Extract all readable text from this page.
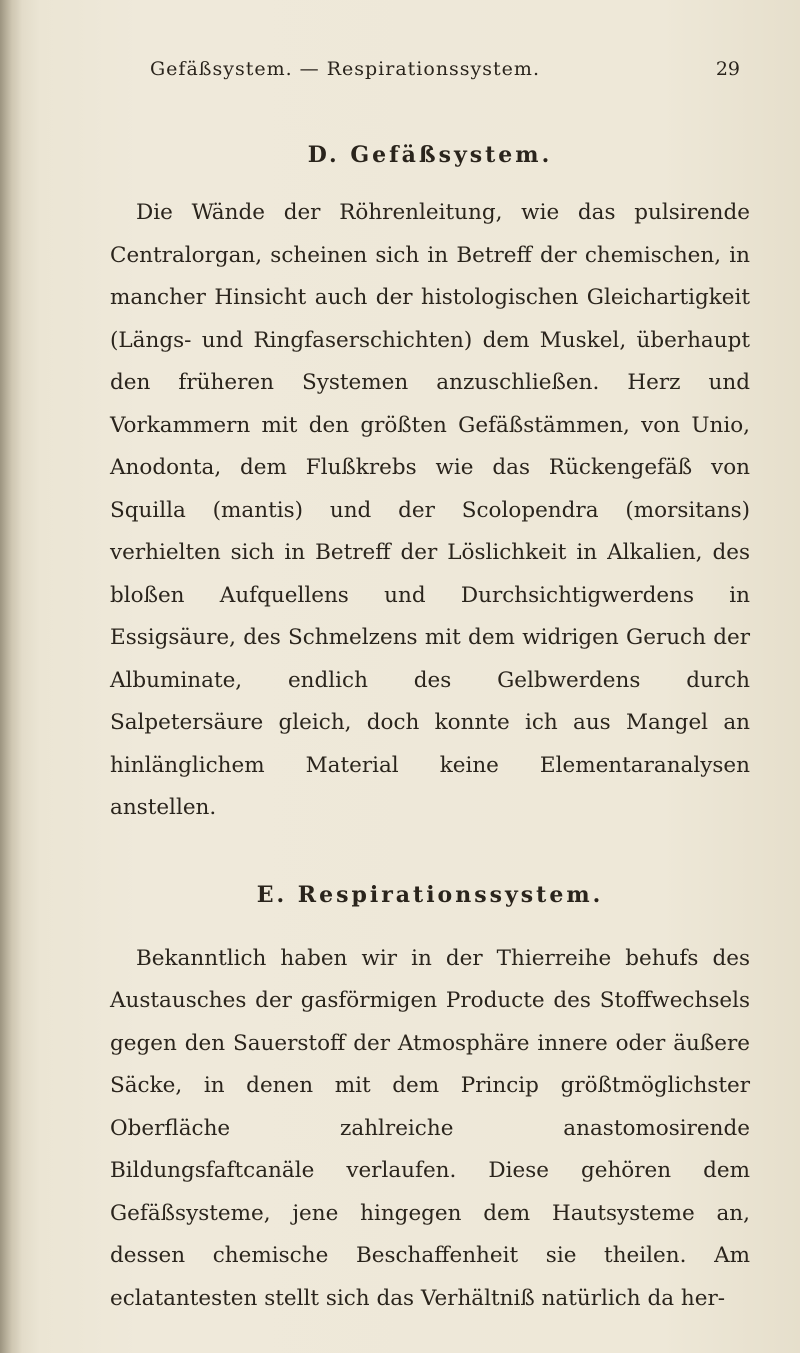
Gefäßsystem. — Respirationssystem.	29
D. Gefäßsystem.

Die Wände der Röhrenleitung, wie das pulsirende Centralorgan, scheinen sich in Betreff der chemischen, in mancher Hinsicht auch der histologischen Gleichartigkeit (Längs- und Ringfaserschichten) dem Muskel, überhaupt den früheren Systemen anzuschließen. Herz und Vorkammern mit den größten Gefäßstämmen, von Unio, Anodonta, dem Flußkrebs wie das Rückengefäß von Squilla (mantis) und der Scolopendra (morsitans) verhielten sich in Betreff der Löslichkeit in Alkalien, des bloßen Aufquellens und Durchsichtigwerdens in Essigsäure, des Schmelzens mit dem widrigen Geruch der Albuminate, endlich des Gelbwerdens durch Salpetersäure gleich, doch konnte ich aus Mangel an hinlänglichem Material keine Elementaranalysen anstellen.

E. Respirationssystem.

Bekanntlich haben wir in der Thierreihe behufs des Austausches der gasförmigen Producte des Stoffwechsels gegen den Sauerstoff der Atmosphäre innere oder äußere Säcke, in denen mit dem Princip größtmöglichster Oberfläche zahlreiche anastomosirende Bildungsfaftcanäle verlaufen. Diese gehören dem Gefäßsysteme, jene hingegen dem Hautsysteme an, dessen chemische Beschaffenheit sie theilen. Am eclatantesten stellt sich das Verhältniß natürlich da her-
